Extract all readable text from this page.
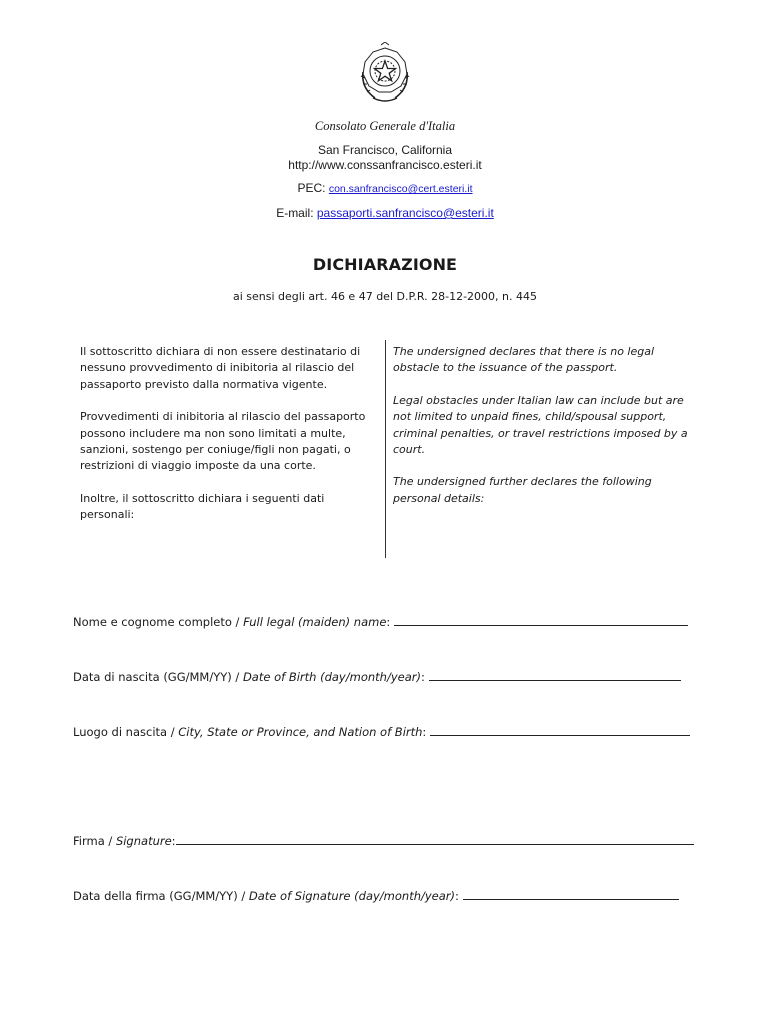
Consolato Generale d'Italia
San Francisco, California
http://www.conssanfrancisco.esteri.it
PEC: con.sanfrancisco@cert.esteri.it
E-mail: passaporti.sanfrancisco@esteri.it
DICHIARAZIONE
ai sensi degli art. 46 e 47 del D.P.R. 28-12-2000, n. 445

Il sottoscritto dichiara di non essere destinatario di nessuno provvedimento di inibitoria al rilascio del passaporto previsto dalla normativa vigente.

Provvedimenti di inibitoria al rilascio del passaporto possono includere ma non sono limitati a multe, sanzioni, sostengo per coniuge/figli non pagati, o restrizioni di viaggio imposte da una corte.

Inoltre, il sottoscritto dichiara i seguenti dati personali:

The undersigned declares that there is no legal obstacle to the issuance of the passport.

Legal obstacles under Italian law can include but are not limited to unpaid fines, child/spousal support, criminal penalties, or travel restrictions imposed by a court.

The undersigned further declares the following personal details:

Nome e cognome completo / Full legal (maiden) name:
Data di nascita (GG/MM/YY) / Date of Birth (day/month/year):
Luogo di nascita / City, State or Province, and Nation of Birth:
Firma / Signature:
Data della firma (GG/MM/YY) / Date of Signature (day/month/year):
